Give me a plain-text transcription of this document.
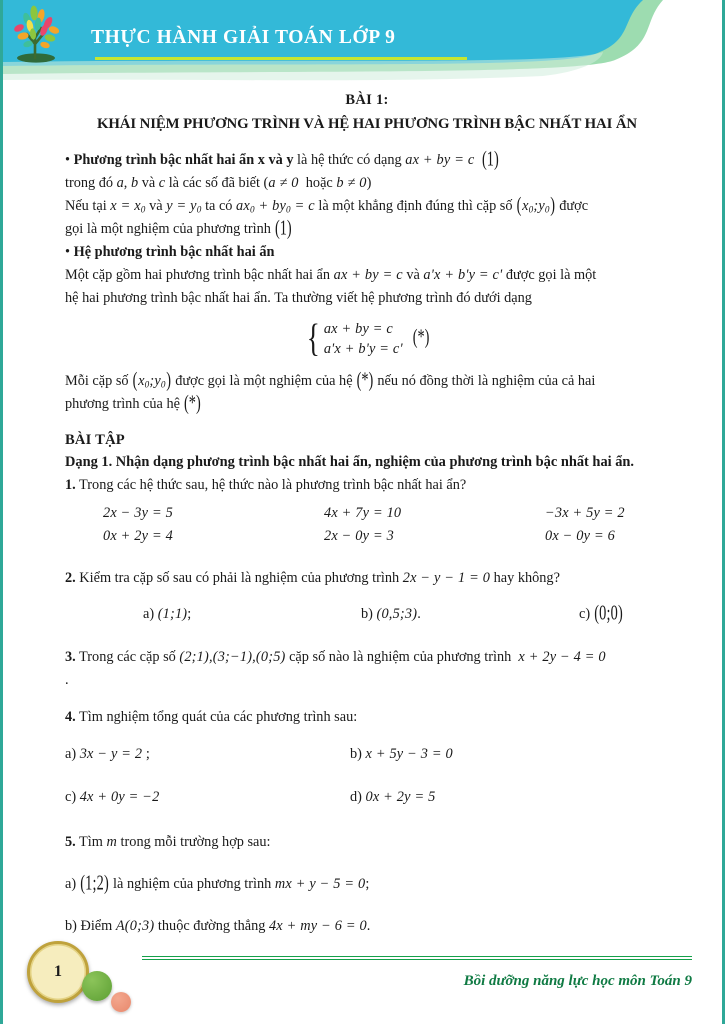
THỰC HÀNH GIẢI TOÁN LỚP 9

BÀI 1:

KHÁI NIỆM PHƯƠNG TRÌNH VÀ HỆ HAI PHƯƠNG TRÌNH BẬC NHẤT HAI ẨN

• Phương trình bậc nhất hai ẩn x và y là hệ thức có dạng ax + by = c (1)

trong đó a, b và c là các số đã biết (a ≠ 0 hoặc b ≠ 0)

Nếu tại $x = x_0$ và $y = y_0$ ta có $ax_0 + by_0 = c$ là một khẳng định đúng thì cặp số $(x_0;y_0)$ được

gọi là một nghiệm của phương trình (1)

• Hệ phương trình bậc nhất hai ẩn

Một cặp gồm hai phương trình bậc nhất hai ẩn ax + by = c và a'x + b'y = c' được gọi là một

hệ hai phương trình bậc nhất hai ẩn. Ta thường viết hệ phương trình đó dưới dạng

{ ax + by = c
a'x + b'y = c' (*)

Mỗi cặp số $(x_0;y_0)$ được gọi là một nghiệm của hệ (*) nếu nó đồng thời là nghiệm của cả hai

phương trình của hệ (*)

BÀI TẬP

Dạng 1. Nhận dạng phương trình bậc nhất hai ẩn, nghiệm của phương trình bậc nhất hai ẩn.

1. Trong các hệ thức sau, hệ thức nào là phương trình bậc nhất hai ẩn?

2x − 3y = 5	4x + 7y = 10	−3x + 5y = 2
0x + 2y = 4	2x − 0y = 3	0x − 0y = 6

2. Kiểm tra cặp số sau có phải là nghiệm của phương trình 2x − y − 1 = 0 hay không?

a) (1;1);	b) (0,5;3).	c) (0;0)

3. Trong các cặp số (2;1),(3;−1),(0;5) cặp số nào là nghiệm của phương trình  x + 2y − 4 = 0

.

4. Tìm nghiệm tổng quát của các phương trình sau:

a) 3x − y = 2 ;	b) x + 5y − 3 = 0
c) 4x + 0y = −2	d) 0x + 2y = 5

5. Tìm m trong mỗi trường hợp sau:

a) (1;2) là nghiệm của phương trình mx + y − 5 = 0;

b) Điểm A(0;3) thuộc đường thẳng 4x + my − 6 = 0.

1
Bồi dưỡng năng lực học môn Toán 9
